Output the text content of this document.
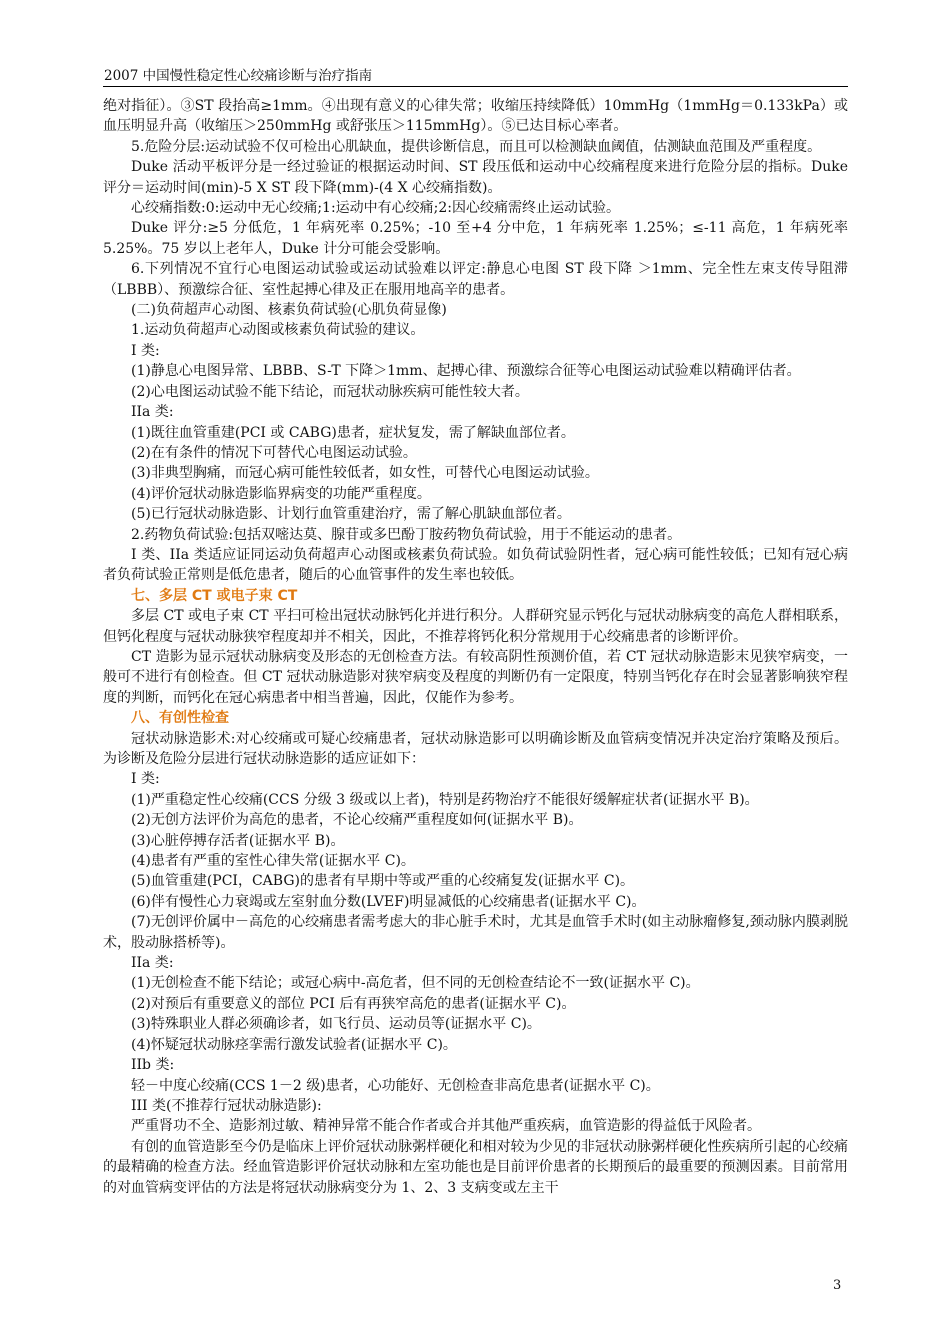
2007 中国慢性稳定性心绞痛诊断与治疗指南

绝对指征）。③ST 段抬高≥1mm。④出现有意义的心律失常；收缩压持续降低）10mmHg（1mmHg＝0.133kPa）或血压明显升高（收缩压＞250mmHg 或舒张压＞115mmHg）。⑤已达目标心率者。

5.危险分层:运动试验不仅可检出心肌缺血，提供诊断信息，而且可以检测缺血阈值，估测缺血范围及严重程度。

Duke 活动平板评分是一经过验证的根据运动时间、ST 段压低和运动中心绞痛程度来进行危险分层的指标。Duke 评分＝运动时间(min)-5 X ST 段下降(mm)-(4 X 心绞痛指数)。

心绞痛指数:0:运动中无心绞痛;1:运动中有心绞痛;2:因心绞痛需终止运动试验。

Duke 评分:≥5 分低危，1 年病死率 0.25%；-10 至+4 分中危，1 年病死率 1.25%；≤-11 高危，1 年病死率 5.25%。75 岁以上老年人，Duke 计分可能会受影响。

6.下列情况不宜行心电图运动试验或运动试验难以评定:静息心电图 ST 段下降 ＞1mm、完全性左束支传导阻滞（LBBB）、预激综合征、室性起搏心律及正在服用地高辛的患者。

(二)负荷超声心动图、核素负荷试验(心肌负荷显像)

1.运动负荷超声心动图或核素负荷试验的建议。

I 类:

(1)静息心电图异常、LBBB、S-T 下降＞1mm、起搏心律、预激综合征等心电图运动试验难以精确评估者。

(2)心电图运动试验不能下结论，而冠状动脉疾病可能性较大者。

IIa 类:

(1)既往血管重建(PCI 或 CABG)患者，症状复发，需了解缺血部位者。

(2)在有条件的情况下可替代心电图运动试验。

(3)非典型胸痛，而冠心病可能性较低者，如女性，可替代心电图运动试验。

(4)评价冠状动脉造影临界病变的功能严重程度。

(5)已行冠状动脉造影、计划行血管重建治疗，需了解心肌缺血部位者。

2.药物负荷试验:包括双嘧达莫、腺苷或多巴酚丁胺药物负荷试验，用于不能运动的患者。

I 类、IIa 类适应证同运动负荷超声心动图或核素负荷试验。如负荷试验阴性者，冠心病可能性较低；已知有冠心病者负荷试验正常则是低危患者，随后的心血管事件的发生率也较低。

七、多层 CT 或电子束 CT

多层 CT 或电子束 CT 平扫可检出冠状动脉钙化并进行积分。人群研究显示钙化与冠状动脉病变的高危人群相联系，但钙化程度与冠状动脉狭窄程度却并不相关，因此，不推荐将钙化积分常规用于心绞痛患者的诊断评价。

CT 造影为显示冠状动脉病变及形态的无创检查方法。有较高阴性预测价值，若 CT 冠状动脉造影末见狭窄病变，一般可不进行有创检查。但 CT 冠状动脉造影对狭窄病变及程度的判断仍有一定限度，特别当钙化存在时会显著影响狭窄程度的判断，而钙化在冠心病患者中相当普遍，因此，仅能作为参考。

八、有创性检查

冠状动脉造影术:对心绞痛或可疑心绞痛患者，冠状动脉造影可以明确诊断及血管病变情况并决定治疗策略及预后。为诊断及危险分层进行冠状动脉造影的适应证如下：

I 类:

(1)严重稳定性心绞痛(CCS 分级 3 级或以上者)，特别是药物治疗不能很好缓解症状者(证据水平 B)。

(2)无创方法评价为高危的患者，不论心绞痛严重程度如何(证据水平 B)。

(3)心脏停搏存活者(证据水平 B)。

(4)患者有严重的室性心律失常(证据水平 C)。

(5)血管重建(PCI，CABG)的患者有早期中等或严重的心绞痛复发(证据水平 C)。

(6)伴有慢性心力衰竭或左室射血分数(LVEF)明显减低的心绞痛患者(证据水平 C)。

(7)无创评价属中－高危的心绞痛患者需考虑大的非心脏手术时，尤其是血管手术时(如主动脉瘤修复,颈动脉内膜剥脱术，股动脉搭桥等)。

IIa 类:

(1)无创检查不能下结论；或冠心病中-高危者，但不同的无创检查结论不一致(证据水平 C)。

(2)对预后有重要意义的部位 PCI 后有再狭窄高危的患者(证据水平 C)。

(3)特殊职业人群必须确诊者，如飞行员、运动员等(证据水平 C)。

(4)怀疑冠状动脉痉挛需行激发试验者(证据水平 C)。

IIb 类:

轻－中度心绞痛(CCS 1－2 级)患者，心功能好、无创检查非高危患者(证据水平 C)。

III 类(不推荐行冠状动脉造影):

严重肾功不全、造影剂过敏、精神异常不能合作者或合并其他严重疾病，血管造影的得益低于风险者。

有创的血管造影至今仍是临床上评价冠状动脉粥样硬化和相对较为少见的非冠状动脉粥样硬化性疾病所引起的心绞痛的最精确的检查方法。经血管造影评价冠状动脉和左室功能也是目前评价患者的长期预后的最重要的预测因素。目前常用的对血管病变评估的方法是将冠状动脉病变分为 1、2、3 支病变或左主干

3
